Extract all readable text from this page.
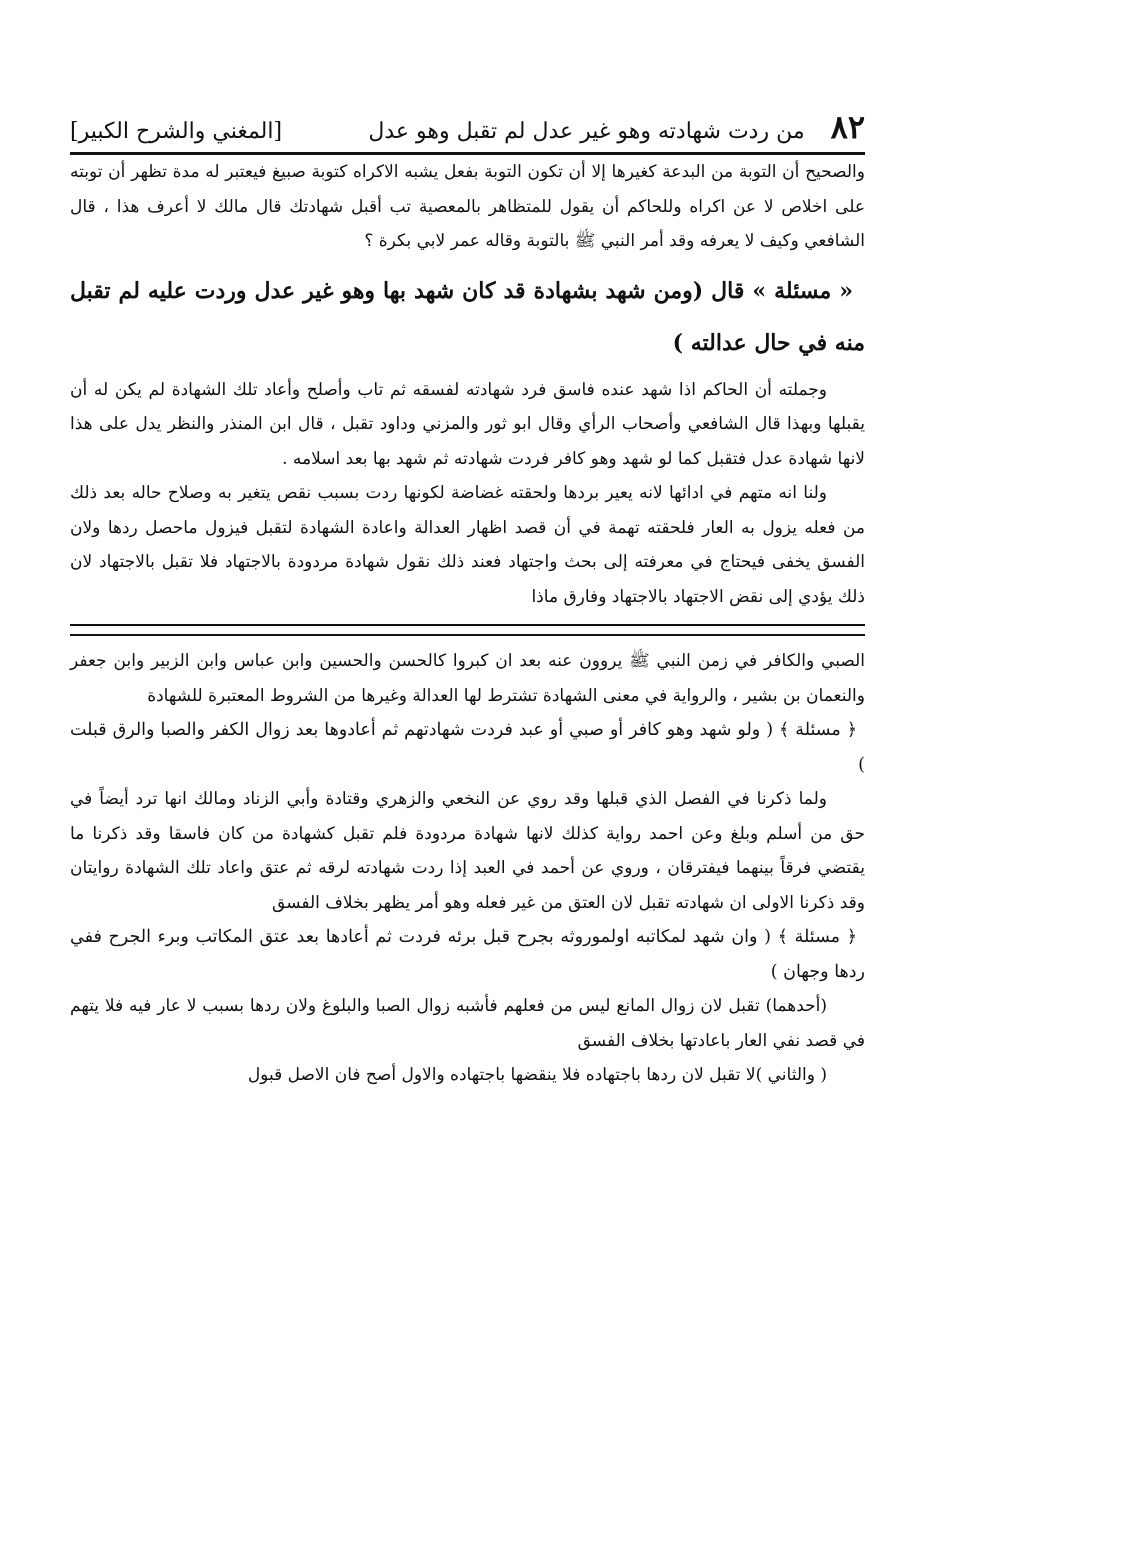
٨٢
من ردت شهادته وهو غير عدل لم تقبل وهو عدل
[المغني والشرح الكبير]

والصحيح أن التوبة من البدعة كغيرها إلا أن تكون التوبة بفعل يشبه الاكراه كتوبة صبيغ فيعتبر له مدة تظهر أن توبته على اخلاص لا عن اكراه وللحاكم أن يقول للمتظاهر بالمعصية تب أقبل شهادتك قال مالك لا أعرف هذا ، قال الشافعي وكيف لا يعرفه وقد أمر النبي ﷺ بالتوبة وقاله عمر لابي بكرة ؟

« مسئلة » قال (ومن شهد بشهادة قد كان شهد بها وهو غير عدل وردت عليه لم تقبل منه في حال عدالته )

وجملته أن الحاكم اذا شهد عنده فاسق فرد شهادته لفسقه ثم تاب وأصلح وأعاد تلك الشهادة لم يكن له أن يقبلها وبهذا قال الشافعي وأصحاب الرأي وقال ابو ثور والمزني وداود تقبل ، قال ابن المنذر والنظر يدل على هذا لانها شهادة عدل فتقبل كما لو شهد وهو كافر فردت شهادته ثم شهد بها بعد اسلامه .

ولنا انه متهم في ادائها لانه يعير بردها ولحقته غضاضة لكونها ردت بسبب نقص يتغير به وصلاح حاله بعد ذلك من فعله يزول به العار فلحقته تهمة في أن قصد اظهار العدالة واعادة الشهادة لتقبل فيزول ماحصل ردها ولان الفسق يخفى فيحتاج في معرفته إلى بحث واجتهاد فعند ذلك نقول شهادة مردودة بالاجتهاد فلا تقبل بالاجتهاد لان ذلك يؤدي إلى نقض الاجتهاد بالاجتهاد وفارق ماذا

الصبي والكافر في زمن النبي ﷺ يروون عنه بعد ان كبروا كالحسن والحسين وابن عباس وابن الزبير وابن جعفر والنعمان بن بشير ، والرواية في معنى الشهادة تشترط لها العدالة وغيرها من الشروط المعتبرة للشهادة

﴿ مسئلة ﴾ ( ولو شهد وهو كافر أو صبي أو عبد فردت شهادتهم ثم أعادوها بعد زوال الكفر والصبا والرق قبلت )

ولما ذكرنا في الفصل الذي قبلها وقد روي عن النخعي والزهري وقتادة وأبي الزناد ومالك انها ترد أيضاً في حق من أسلم وبلغ وعن احمد رواية كذلك لانها شهادة مردودة فلم تقبل كشهادة من كان فاسقا وقد ذكرنا ما يقتضي فرقاً بينهما فيفترقان ، وروي عن أحمد في العبد إذا ردت شهادته لرقه ثم عتق واعاد تلك الشهادة روايتان وقد ذكرنا الاولى ان شهادته تقبل لان العتق من غير فعله وهو أمر يظهر بخلاف الفسق

﴿ مسئلة ﴾ ( وان شهد لمكاتبه اولموروثه بجرح قبل برئه فردت ثم أعادها بعد عتق المكاتب وبرء الجرح ففي ردها وجهان )

(أحدهما) تقبل لان زوال المانع ليس من فعلهم فأشبه زوال الصبا والبلوغ ولان ردها بسبب لا عار فيه فلا يتهم في قصد نفي العار باعادتها بخلاف الفسق

( والثاني )لا تقبل لان ردها باجتهاده فلا ينقضها باجتهاده والاول أصح فان الاصل قبول
